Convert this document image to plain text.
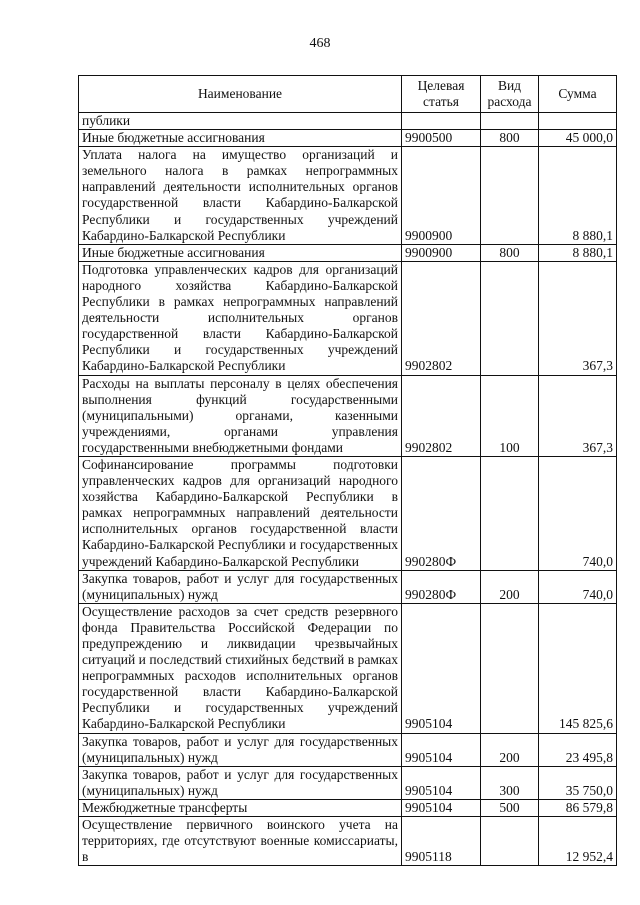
468
Наименование	Целевая статья	Вид расхода	Сумма
публики			
Иные бюджетные ассигнования	9900500	800	45 000,0
Уплата налога на имущество организаций и земельного налога в рамках непрограммных направлений деятельности исполнительных органов государственной власти Кабардино-Балкарской Республики и государственных учреждений Кабардино-Балкарской Республики	9900900		8 880,1
Иные бюджетные ассигнования	9900900	800	8 880,1
Подготовка управленческих кадров для организаций народного хозяйства Кабардино-Балкарской Республики в рамках непрограммных направлений деятельности исполнительных органов государственной власти Кабардино-Балкарской Республики и государственных учреждений Кабардино-Балкарской Республики	9902802		367,3
Расходы на выплаты персоналу в целях обеспечения выполнения функций государственными (муниципальными) органами, казенными учреждениями, органами управления государственными внебюджетными фондами	9902802	100	367,3
Софинансирование программы подготовки управленческих кадров для организаций народного хозяйства Кабардино-Балкарской Республики в рамках непрограммных направлений деятельности исполнительных органов государственной власти Кабардино-Балкарской Республики и государственных учреждений Кабардино-Балкарской Республики	990280Ф		740,0
Закупка товаров, работ и услуг для государственных (муниципальных) нужд	990280Ф	200	740,0
Осуществление расходов за счет средств резервного фонда Правительства Российской Федерации по предупреждению и ликвидации чрезвычайных ситуаций и последствий стихийных бедствий в рамках непрограммных расходов исполнительных органов государственной власти Кабардино-Балкарской Республики и государственных учреждений Кабардино-Балкарской Республики	9905104		145 825,6
Закупка товаров, работ и услуг для государственных (муниципальных) нужд	9905104	200	23 495,8
Закупка товаров, работ и услуг для государственных (муниципальных) нужд	9905104	300	35 750,0
Межбюджетные трансферты	9905104	500	86 579,8
Осуществление первичного воинского учета на территориях, где отсутствуют военные комиссариаты, в	9905118		12 952,4
